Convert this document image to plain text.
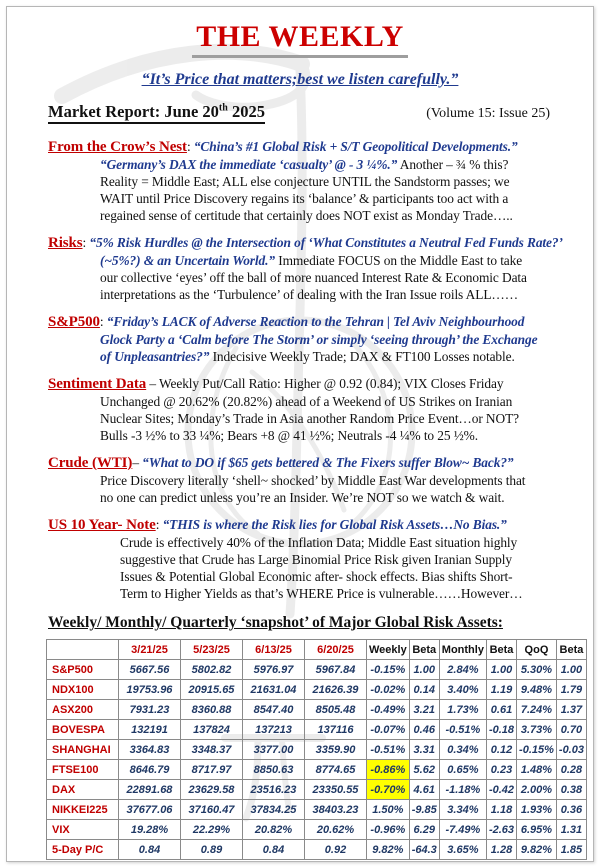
THE WEEKLY
“It’s Price that matters;best we listen carefully.”
Market Report: June 20th 2025	(Volume 15: Issue 25)
From the Crow’s Nest: “China’s #1 Global Risk + S/T Geopolitical Developments.”
“Germany’s DAX the immediate ‘casualty’ @ - 3 ¼%.” Another – ¾ % this?
Reality = Middle East; ALL else conjecture UNTIL the Sandstorm passes; we
WAIT until Price Discovery regains its ‘balance’ & participants too act with a
regained sense of certitude that certainly does NOT exist as Monday Trade…..
Risks: “5% Risk Hurdles @ the Intersection of ‘What Constitutes a Neutral Fed Funds Rate?’
(~5%?) & an Uncertain World.” Immediate FOCUS on the Middle East to take
our collective ‘eyes’ off the ball of more nuanced Interest Rate & Economic Data
interpretations as the ‘Turbulence’ of dealing with the Iran Issue roils ALL……
S&P500: “Friday’s LACK of Adverse Reaction to the Tehran | Tel Aviv Neighbourhood
Glock Party a ‘Calm before The Storm’ or simply ‘seeing through’ the Exchange
of Unpleasantries?” Indecisive Weekly Trade; DAX & FT100 Losses notable.
Sentiment Data – Weekly Put/Call Ratio: Higher @ 0.92 (0.84); VIX Closes Friday
Unchanged @ 20.62% (20.82%) ahead of a Weekend of US Strikes on Iranian
Nuclear Sites; Monday’s Trade in Asia another Random Price Event…or NOT?
Bulls -3 ½% to 33 ¼%; Bears +8 @ 41 ½%; Neutrals -4 ¼% to 25 ½%.
Crude (WTI)– “What to DO if $65 gets bettered & The Fixers suffer Blow~ Back?”
Price Discovery literally ‘shell~ shocked’ by Middle East War developments that
no one can predict unless you’re an Insider. We’re NOT so we watch & wait.
US 10 Year- Note: “THIS is where the Risk lies for Global Risk Assets…No Bias.”
Crude is effectively 40% of the Inflation Data; Middle East situation highly
suggestive that Crude has Large Binomial Price Risk given Iranian Supply
Issues & Potential Global Economic after- shock effects. Bias shifts Short-
Term to Higher Yields as that’s WHERE Price is vulnerable……However…
Weekly/ Monthly/ Quarterly ‘snapshot’ of Major Global Risk Assets:
	3/21/25	5/23/25	6/13/25	6/20/25	Weekly	Beta	Monthly	Beta	QoQ	Beta
S&P500	5667.56	5802.82	5976.97	5967.84	-0.15%	1.00	2.84%	1.00	5.30%	1.00
NDX100	19753.96	20915.65	21631.04	21626.39	-0.02%	0.14	3.40%	1.19	9.48%	1.79
ASX200	7931.23	8360.88	8547.40	8505.48	-0.49%	3.21	1.73%	0.61	7.24%	1.37
BOVESPA	132191	137824	137213	137116	-0.07%	0.46	-0.51%	-0.18	3.73%	0.70
SHANGHAI	3364.83	3348.37	3377.00	3359.90	-0.51%	3.31	0.34%	0.12	-0.15%	-0.03
FTSE100	8646.79	8717.97	8850.63	8774.65	-0.86%	5.62	0.65%	0.23	1.48%	0.28
DAX	22891.68	23629.58	23516.23	23350.55	-0.70%	4.61	-1.18%	-0.42	2.00%	0.38
NIKKEI225	37677.06	37160.47	37834.25	38403.23	1.50%	-9.85	3.34%	1.18	1.93%	0.36
VIX	19.28%	22.29%	20.82%	20.62%	-0.96%	6.29	-7.49%	-2.63	6.95%	1.31
5-Day P/C	0.84	0.89	0.84	0.92	9.82%	-64.3	3.65%	1.28	9.82%	1.85
